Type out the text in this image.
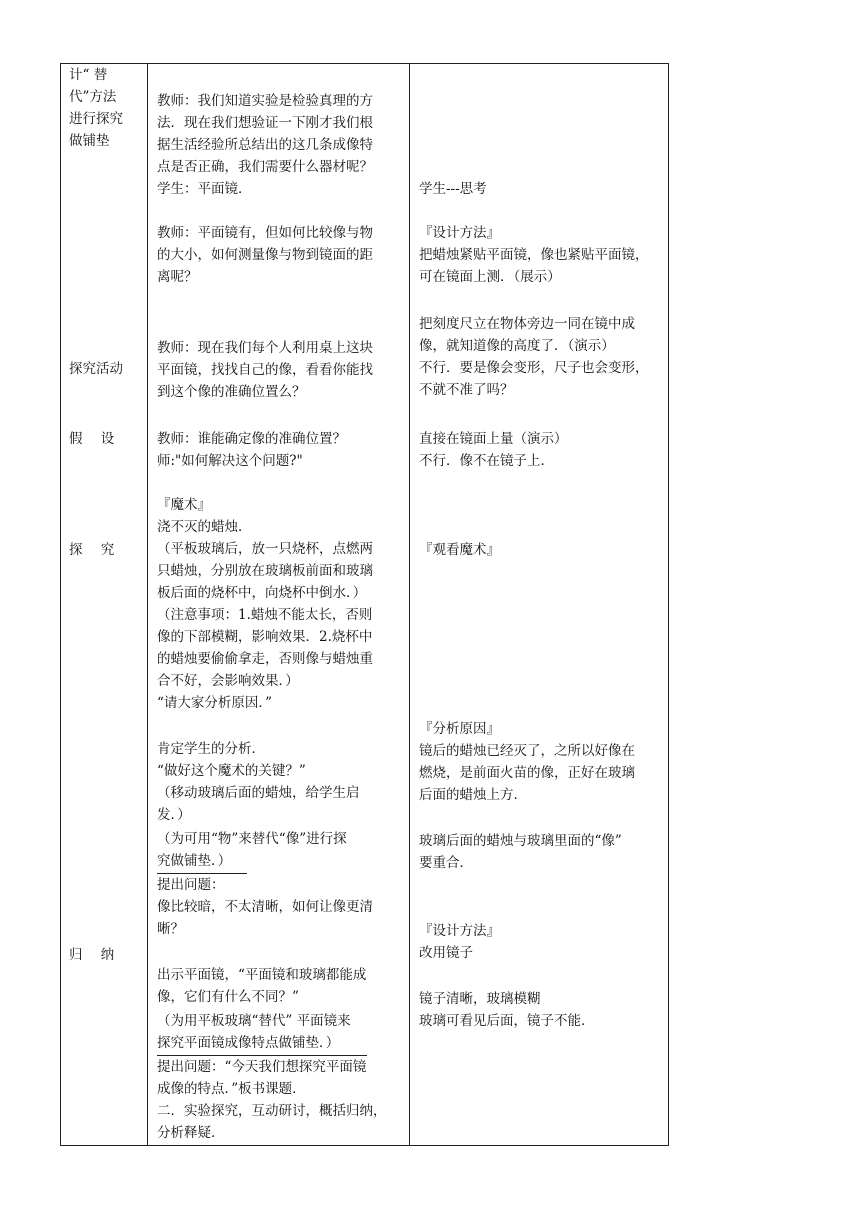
计“ 替
代”方法
进行探究
做铺垫
探究活动
假 设
探 究
归 纳
教师：我们知道实验是检验真理的方
法．现在我们想验证一下刚才我们根
据生活经验所总结出的这几条成像特
点是否正确，我们需要什么器材呢？
学生：平面镜．
教师：平面镜有，但如何比较像与物
的大小，如何测量像与物到镜面的距
离呢？
教师：现在我们每个人利用桌上这块
平面镜，找找自己的像，看看你能找
到这个像的准确位置么？
教师：谁能确定像的准确位置？
师:"如何解决这个问题?"
『魔术』
浇不灭的蜡烛．
（平板玻璃后，放一只烧杯，点燃两
只蜡烛，分别放在玻璃板前面和玻璃
板后面的烧杯中，向烧杯中倒水．）
（注意事项：1.蜡烛不能太长，否则
像的下部模糊，影响效果．2.烧杯中
的蜡烛要偷偷拿走，否则像与蜡烛重
合不好，会影响效果．）
“请大家分析原因．”
肯定学生的分析．
“做好这个魔术的关键？”
（移动玻璃后面的蜡烛，给学生启
发．）
（为可用“物”来替代“像”进行探
究做铺垫．）
提出问题：
像比较暗，不太清晰，如何让像更清
晰？
出示平面镜，“平面镜和玻璃都能成
像，它们有什么不同？”
（为用平板玻璃“替代” 平面镜来
探究平面镜成像特点做铺垫．）
提出问题：“今天我们想探究平面镜
成像的特点．”板书课题．
二．实验探究，互动研讨，概括归纳，
分析释疑．
学生---思考
『设计方法』
把蜡烛紧贴平面镜，像也紧贴平面镜，
可在镜面上测．（展示）
把刻度尺立在物体旁边一同在镜中成
像，就知道像的高度了．（演示）
不行．要是像会变形，尺子也会变形，
不就不准了吗？
直接在镜面上量（演示）
不行．像不在镜子上．
『观看魔术』
『分析原因』
镜后的蜡烛已经灭了，之所以好像在
燃烧，是前面火苗的像，正好在玻璃
后面的蜡烛上方．
玻璃后面的蜡烛与玻璃里面的“像”
要重合．
『设计方法』
改用镜子
镜子清晰，玻璃模糊
玻璃可看见后面，镜子不能．
